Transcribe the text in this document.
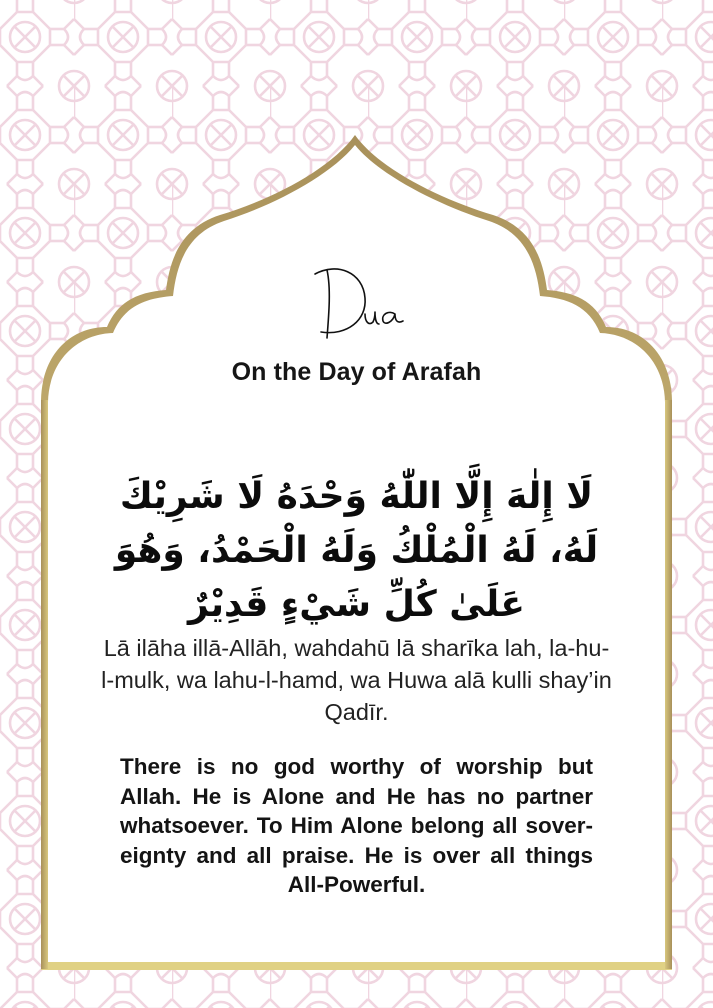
Dua
On the Day of Arafah
لَا إِلٰهَ إِلَّا اللّٰهُ وَحْدَهُ لَا شَرِيْكَ لَهُ، لَهُ الْمُلْكُ وَلَهُ الْحَمْدُ، وَهُوَ عَلَىٰ كُلِّ شَيْءٍ قَدِيْرٌ
Lā ilāha illā-Allāh, wahdahū lā sharīka lah, la-hu-l-mulk, wa lahu-l-hamd, wa Huwa alā kulli shay’in Qadīr.
There is no god worthy of worship but Allah. He is Alone and He has no partner whatsoever. To Him Alone belong all sovereignty and all praise. He is over all things All-Powerful.
